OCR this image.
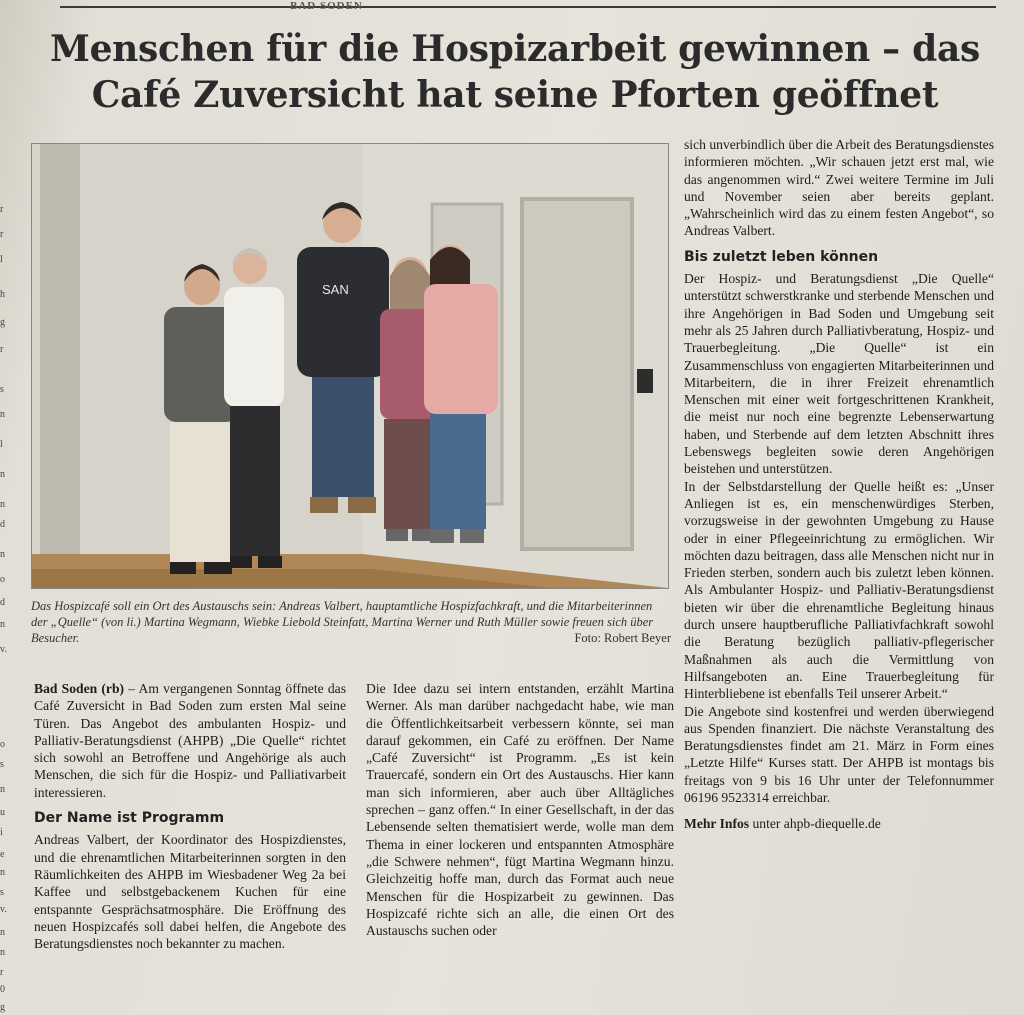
BAD SODEN
r
r
l
h
g
r
s
n
l
n
n
d
n
o
d
n
v.
o
s
n
u
i
e
n
s
v.
n
n
r
0
g
Menschen für die Hospizarbeit gewinnen – das
Café Zuversicht hat seine Pforten geöffnet
SAN
Das Hospizcafé soll ein Ort des Austauschs sein: Andreas Valbert, hauptamtliche Hospizfachkraft, und die Mitarbeiterinnen der „Quelle“ (von li.) Martina Wegmann, Wiebke Liebold Steinfatt, Martina Werner und Ruth Müller sowie freuen sich über Besucher.	Foto: Robert Beyer

Bad Soden (rb) – Am vergangenen Sonntag öffnete das Café Zuversicht in Bad Soden zum ersten Mal seine Türen. Das Angebot des ambulanten Hospiz- und Palliativ-Beratungsdienst (AHPB) „Die Quelle“ richtet sich sowohl an Betroffene und Angehörige als auch Menschen, die sich für die Hospiz- und Palliativarbeit interessieren.

Der Name ist Programm

Andreas Valbert, der Koordinator des Hospizdienstes, und die ehrenamtlichen Mitarbeiterinnen sorgten in den Räumlichkeiten des AHPB im Wiesbadener Weg 2a bei Kaffee und selbstgebackenem Kuchen für eine entspannte Gesprächsatmosphäre. Die Eröffnung des neuen Hospizcafés soll dabei helfen, die Angebote des Beratungsdienstes noch bekannter zu machen.

Die Idee dazu sei intern entstanden, erzählt Martina Werner. Als man darüber nachgedacht habe, wie man die Öffentlichkeitsarbeit verbessern könnte, sei man darauf gekommen, ein Café zu eröffnen. Der Name „Café Zuversicht“ ist Programm. „Es ist kein Trauercafé, sondern ein Ort des Austauschs. Hier kann man sich informieren, aber auch über Alltägliches sprechen – ganz offen.“ In einer Gesellschaft, in der das Lebensende selten thematisiert werde, wolle man dem Thema in einer lockeren und entspannten Atmosphäre „die Schwere nehmen“, fügt Martina Wegmann hinzu. Gleichzeitig hoffe man, durch das Format auch neue Menschen für die Hospizarbeit zu gewinnen. Das Hospizcafé richte sich an alle, die einen Ort des Austauschs suchen oder

sich unverbindlich über die Arbeit des Beratungsdienstes informieren möchten. „Wir schauen jetzt erst mal, wie das angenommen wird.“ Zwei weitere Termine im Juli und November seien aber bereits geplant. „Wahrscheinlich wird das zu einem festen Angebot“, so Andreas Valbert.

Bis zuletzt leben können

Der Hospiz- und Beratungsdienst „Die Quelle“ unterstützt schwerstkranke und sterbende Menschen und ihre Angehörigen in Bad Soden und Umgebung seit mehr als 25 Jahren durch Palliativberatung, Hospiz- und Trauerbegleitung. „Die Quelle“ ist ein Zusammenschluss von engagierten Mitarbeiterinnen und Mitarbeitern, die in ihrer Freizeit ehrenamtlich Menschen mit einer weit fortgeschrittenen Krankheit, die meist nur noch eine begrenzte Lebenserwartung haben, und Sterbende auf dem letzten Abschnitt ihres Lebenswegs begleiten sowie deren Angehörigen beistehen und unterstützen.

In der Selbstdarstellung der Quelle heißt es: „Unser Anliegen ist es, ein menschenwürdiges Sterben, vorzugsweise in der gewohnten Umgebung zu Hause oder in einer Pflegeeinrichtung zu ermöglichen. Wir möchten dazu beitragen, dass alle Menschen nicht nur in Frieden sterben, sondern auch bis zuletzt leben können. Als Ambulanter Hospiz- und Palliativ-Beratungsdienst bieten wir über die ehrenamtliche Begleitung hinaus durch unsere hauptberufliche Palliativfachkraft sowohl die Beratung bezüglich palliativ-pflegerischer Maßnahmen als auch die Vermittlung von Hilfsangeboten an. Eine Trauerbegleitung für Hinterbliebene ist ebenfalls Teil unserer Arbeit.“

Die Angebote sind kostenfrei und werden überwiegend aus Spenden finanziert. Die nächste Veranstaltung des Beratungsdienstes findet am 21. März in Form eines „Letzte Hilfe“ Kurses statt. Der AHPB ist montags bis freitags von 9 bis 16 Uhr unter der Telefonnummer 06196 9523314 erreichbar.

Mehr Infos unter ahpb-diequelle.de
